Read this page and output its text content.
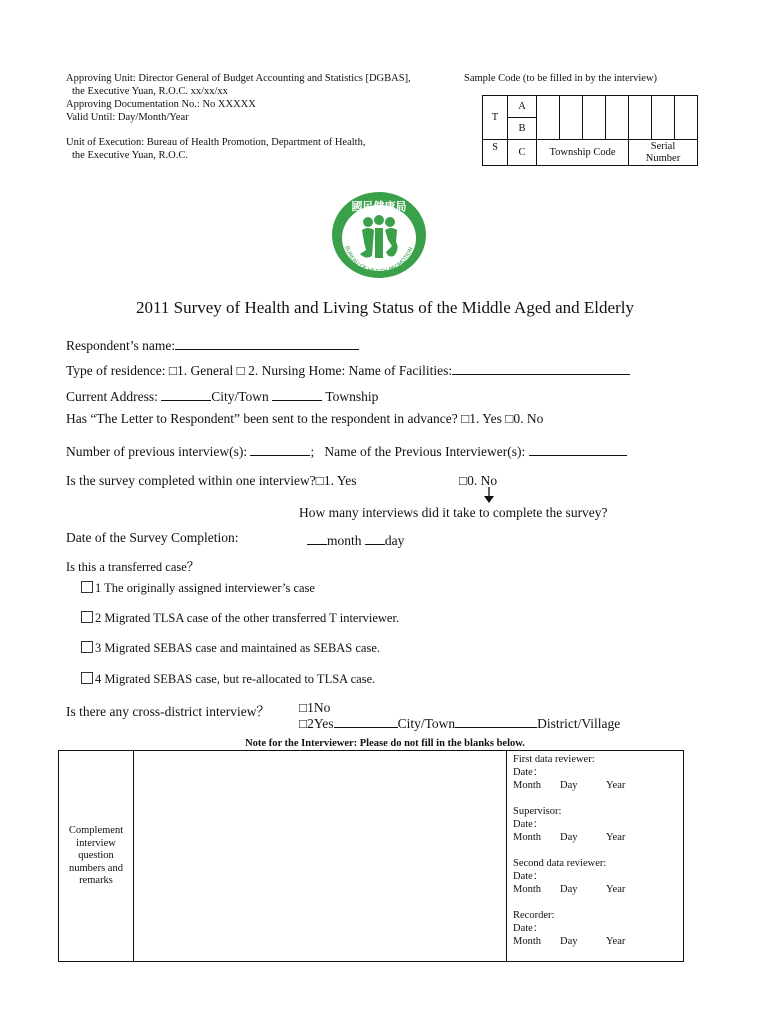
Approving Unit: Director General of Budget Accounting and Statistics [DGBAS],
the Executive Yuan, R.O.C. xx/xx/xx
Approving Documentation No.: No XXXXX
Valid Until: Day/Month/Year
Unit of Execution: Bureau of Health Promotion, Department of Health,
the Executive Yuan, R.O.C.
Sample Code (to be filled in by the interview)
T	A							
	B							
S	C	Township Code				Serial
Number		
國民健康局
BUREAU OF HEALTH PROMOTION
2011 Survey of Health and Living Status of the Middle Aged and Elderly
Respondent’s name:
Type of residence: □1. General □ 2. Nursing Home: Name of Facilities:
Current Address:	City/Town	Township
Has “The Letter to Respondent” been sent to the respondent in advance? □1. Yes □0. No
Number of previous interview(s):	; Name of the Previous Interviewer(s):
Is the survey completed within one interview?□1. Yes	□0. No
How many interviews did it take to complete the survey?
Date of the Survey Completion:	month day
Is this a transferred case？
1 The originally assigned interviewer’s case
2 Migrated TLSA case of the other transferred T interviewer.
3 Migrated SEBAS case and maintained as SEBAS case.
4 Migrated SEBAS case, but re-allocated to TLSA case.
Is there any cross-district interview？ □1No
□2Yes	City/Town	District/Village
Note for the Interviewer: Please do not fill in the blanks below.
Complement
interview
question
numbers and
remarks
First data reviewer:
Date：
Month Day	Year
Supervisor:
Date：
Month Day	Year
Second data reviewer:
Date：
Month Day	Year
Recorder:
Date：
Month Day	Year
